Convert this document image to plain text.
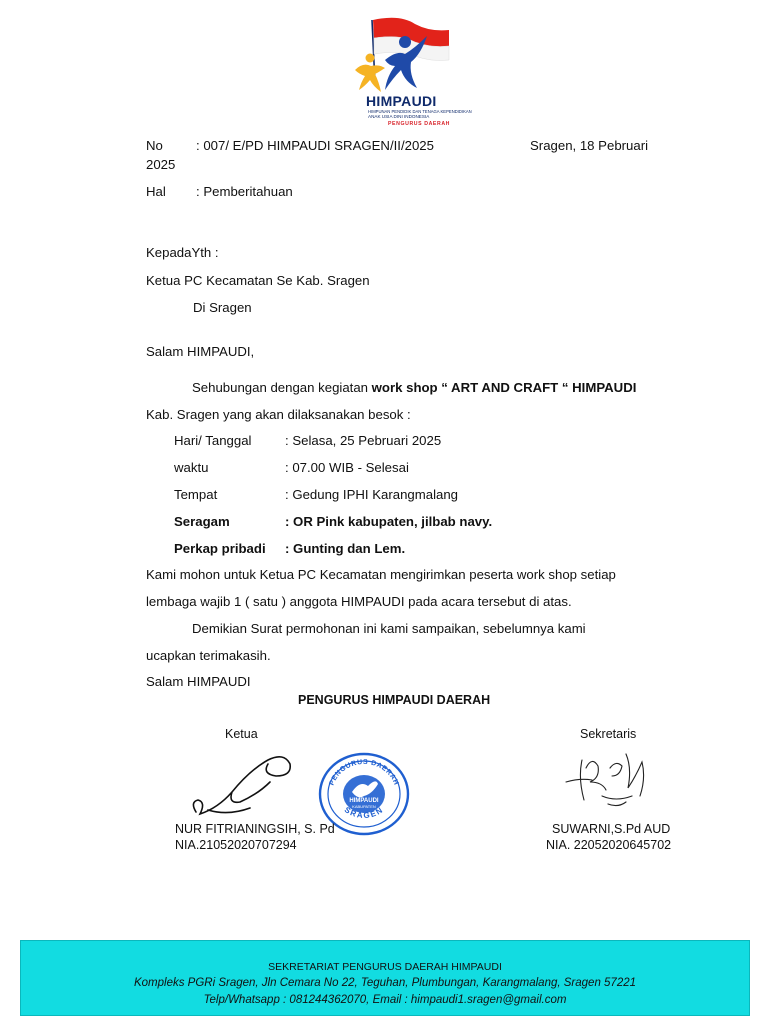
HIMPAUDI
HIMPUNAN PENDIDIK DAN TENAGA KEPENDIDIKAN
ANAK USIA DINI INDONESIA
PENGURUS DAERAH
No	: 007/ E/PD HIMPAUDI SRAGEN/II/2025	Sragen, 18 Pebruari
2025
Hal : Pemberitahuan
KepadaYth :
Ketua PC Kecamatan Se Kab. Sragen
Di Sragen
Salam HIMPAUDI,
Sehubungan dengan kegiatan work shop “ ART AND CRAFT “ HIMPAUDI
Kab. Sragen yang akan dilaksanakan besok :
Hari/ Tanggal	: Selasa, 25 Pebruari 2025
waktu	: 07.00 WIB - Selesai
Tempat	: Gedung IPHI Karangmalang
Seragam	: OR Pink kabupaten, jilbab navy.
Perkap pribadi : Gunting dan Lem.
Kami mohon untuk Ketua PC Kecamatan mengirimkan peserta work shop setiap
lembaga wajib 1 ( satu ) anggota HIMPAUDI pada acara tersebut di atas.
Demikian Surat permohonan ini kami sampaikan, sebelumnya kami
ucapkan terimakasih.
Salam HIMPAUDI
PENGURUS HIMPAUDI DAERAH
Ketua	Sekretaris
HIMPAUDI
KABUPATEN
PENGURUS DAERAH
SRAGEN
NUR FITRIANINGSIH, S. Pd
NIA.21052020707294
SUWARNI,S.Pd AUD
NIA. 22052020645702
SEKRETARIAT PENGURUS DAERAH HIMPAUDI
Kompleks PGRi Sragen, Jln Cemara No 22, Teguhan, Plumbungan, Karangmalang, Sragen 57221
Telp/Whatsapp : 081244362070, Email : himpaudi1.sragen@gmail.com
